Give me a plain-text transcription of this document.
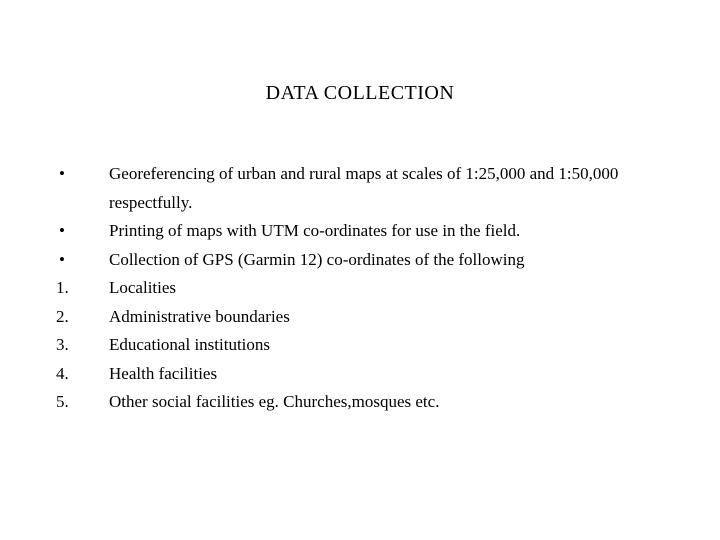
DATA COLLECTION
•	Georeferencing of urban and rural maps at scales of 1:25,000 and 1:50,000 respectfully.
•	Printing of maps with UTM co-ordinates for use in the field.
•	Collection of GPS (Garmin 12) co-ordinates of the following
1.	Localities
2.	Administrative boundaries
3.	Educational institutions
4.	Health facilities
5.	Other social facilities eg. Churches,mosques etc.
